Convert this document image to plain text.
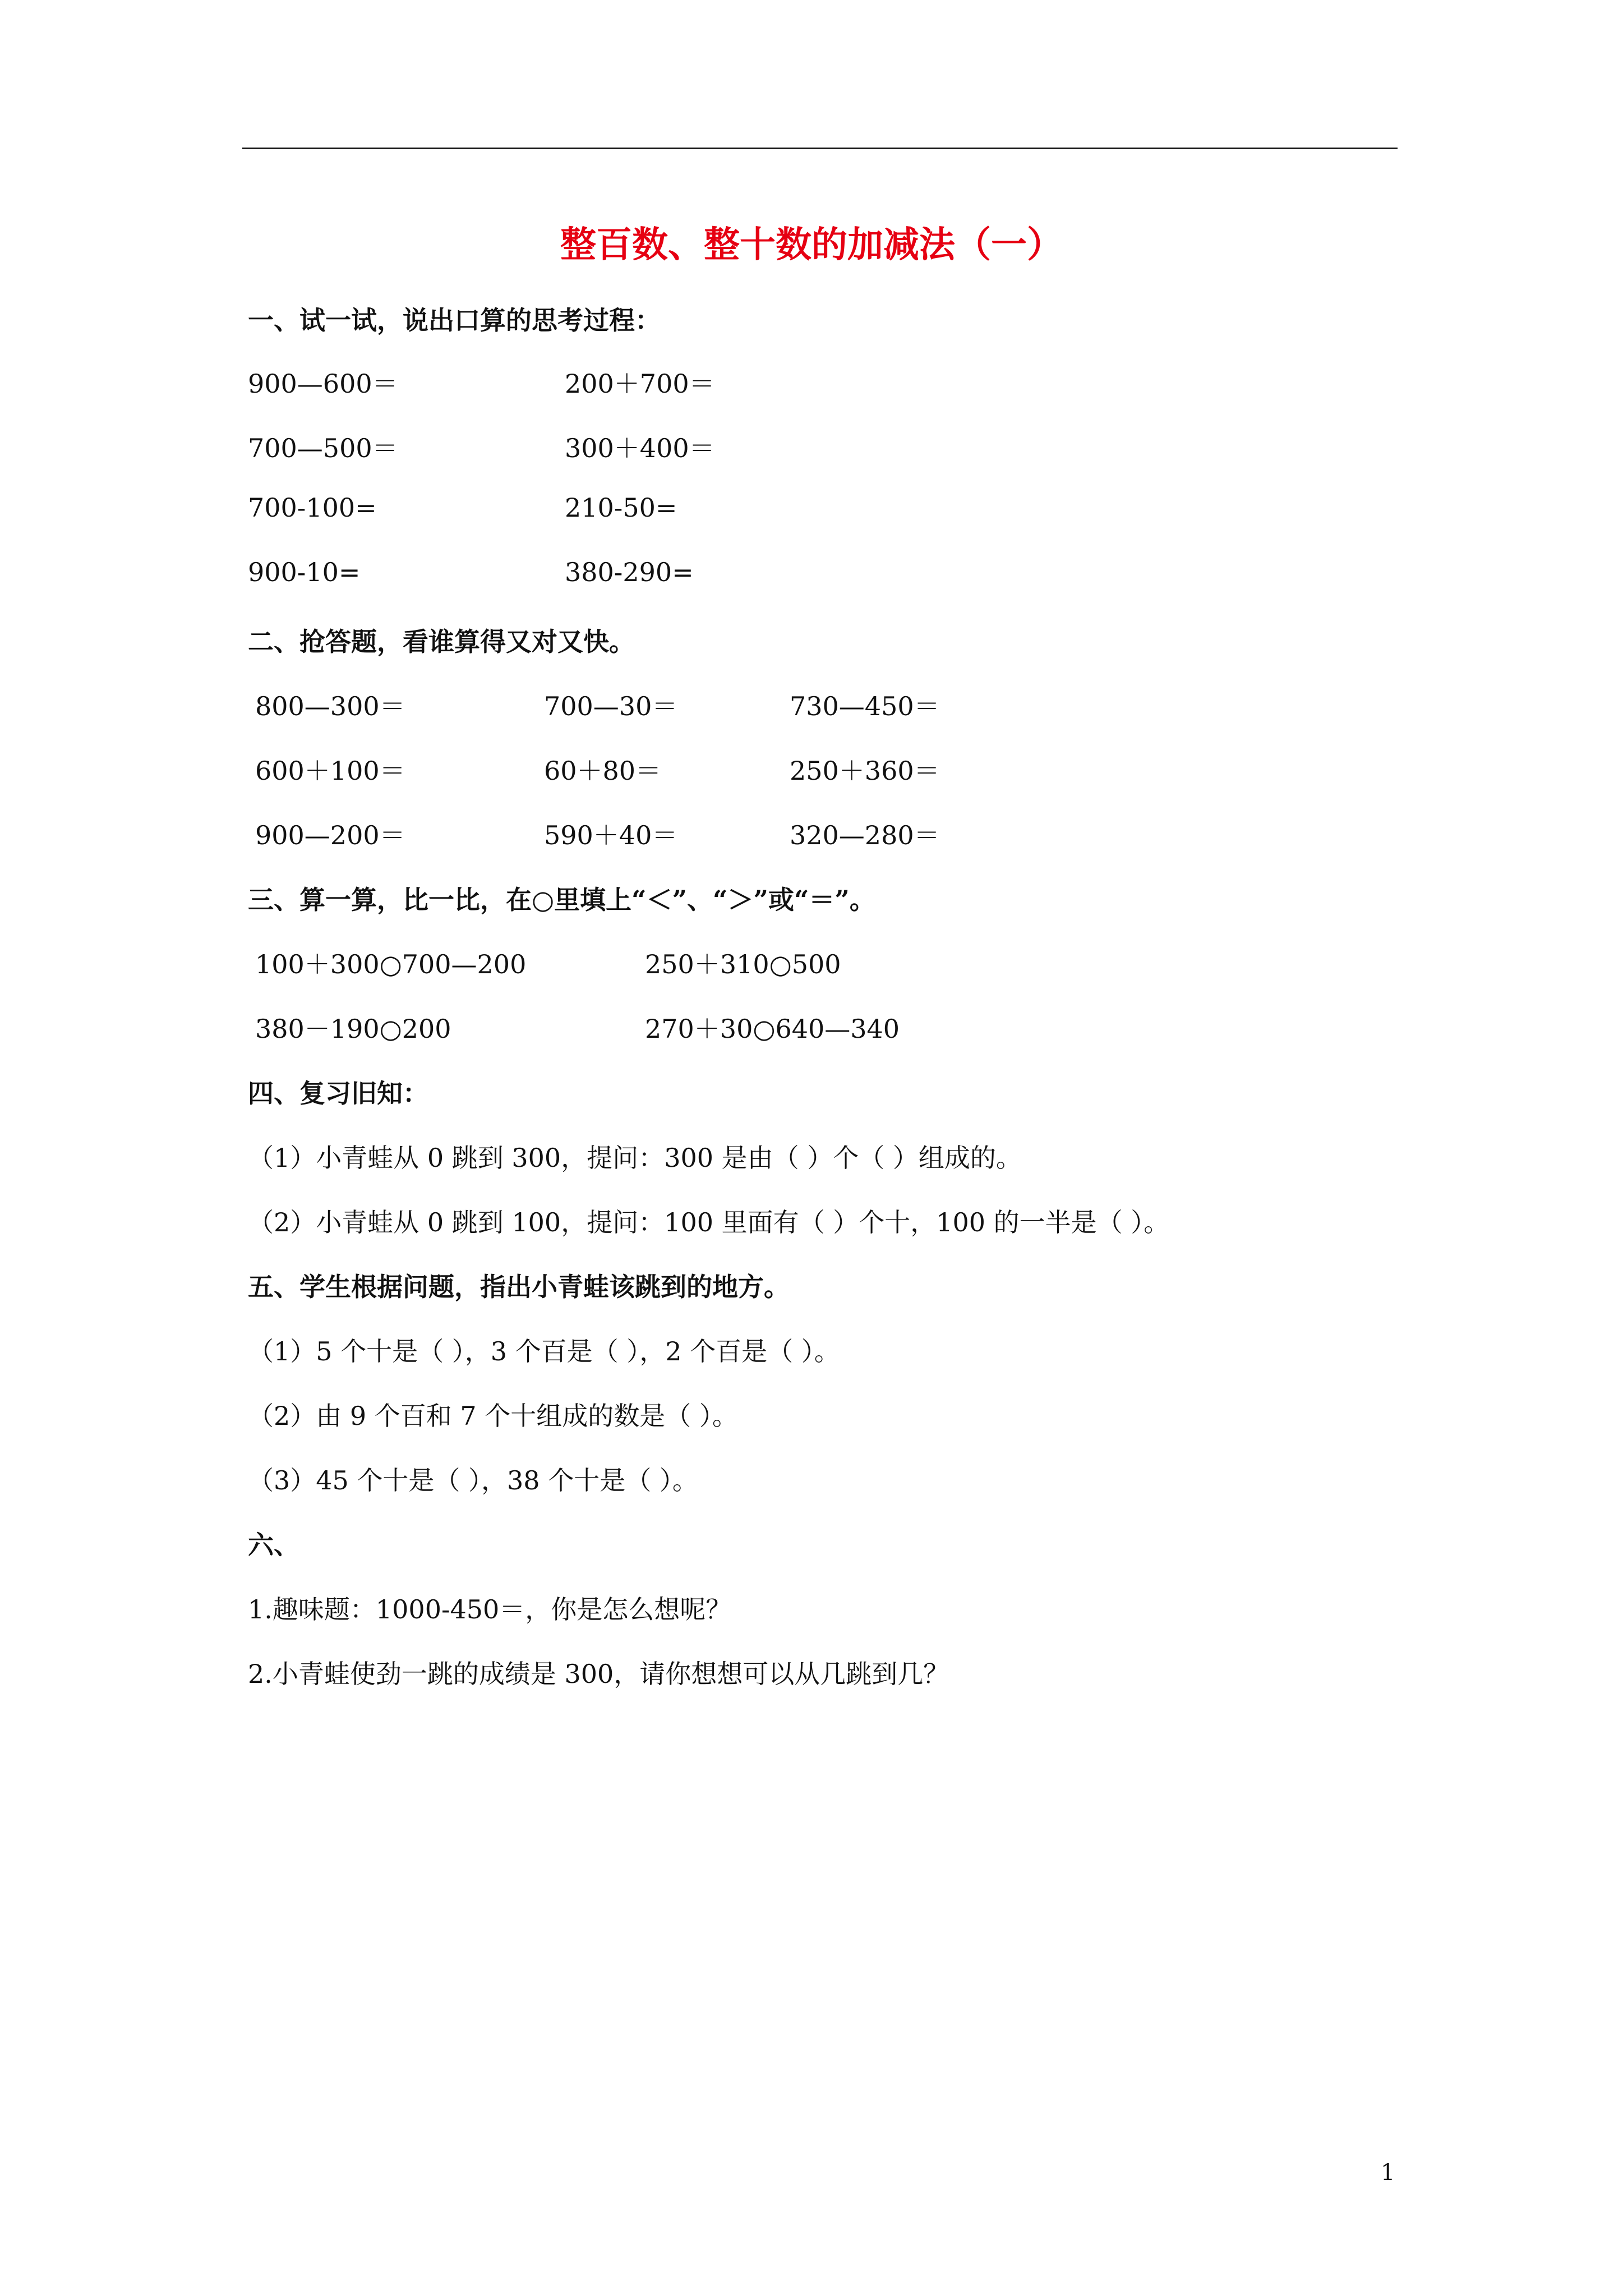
整百数、整十数的加减法（一）
一、试一试，说出口算的思考过程：
900—600＝	200＋700＝
700—500＝	300＋400＝
700-100=	210-50=
900-10=	380-290=
二、抢答题，看谁算得又对又快。
800—300＝	700—30＝	730—450＝
600＋100＝	60＋80＝	250＋360＝
900—200＝	590＋40＝	320—280＝
三、算一算，比一比，在○里填上“＜”、“＞”或“＝”。
100＋300○700—200	250＋310○500
380－190○200	270＋30○640—340
四、复习旧知：
（1）小青蛙从 0 跳到 300，提问：300 是由（ ）个（ ）组成的。
（2）小青蛙从 0 跳到 100，提问：100 里面有（ ）个十，100 的一半是（ ）。
五、学生根据问题，指出小青蛙该跳到的地方。
（1）5 个十是（ ），3 个百是（ ），2 个百是（ ）。
（2）由 9 个百和 7 个十组成的数是（ ）。
（3）45 个十是（ ），38 个十是（ ）。
六、
1.趣味题：1000-450＝，你是怎么想呢？
2.小青蛙使劲一跳的成绩是 300，请你想想可以从几跳到几？
1
